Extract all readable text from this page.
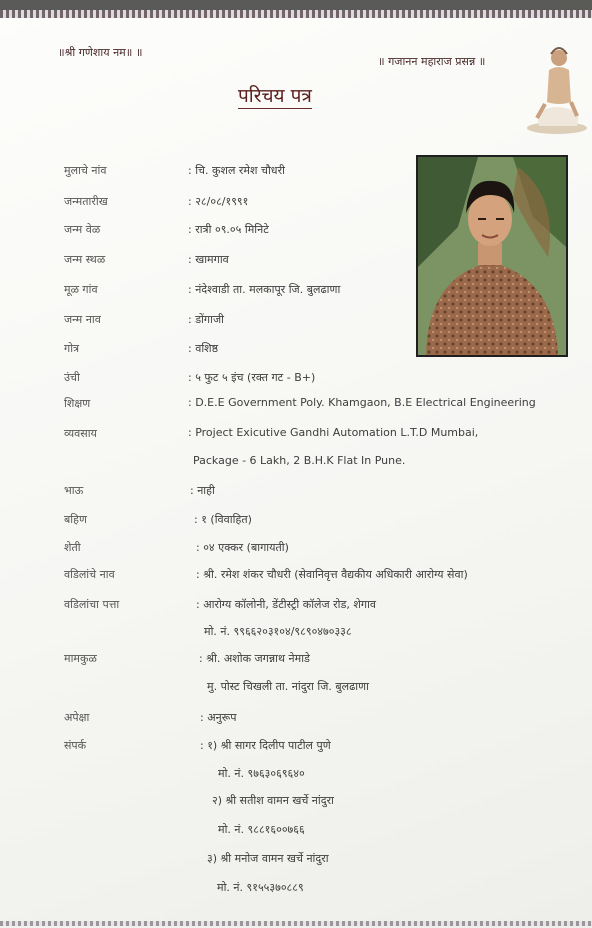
॥श्री गणेशाय नम॥ ॥
॥ गजानन महाराज प्रसन्न ॥
परिचय पत्र
मुलाचे नांव	: चि. कुशल रमेश चौधरी
जन्मतारीख	: २८/०८/१९९१
जन्म वेळ	: रात्री ०९.०५ मिनिटे
जन्म स्थळ	: खामगाव
मूळ गांव	: नंदेश्वाडी ता. मलकापूर जि. बुलढाणा
जन्म नाव	: डोंगाजी
गोत्र	: वशिष्ठ
उंची	: ५ फुट ५ इंच (रक्त गट - B+)
शिक्षण	: D.E.E Government Poly. Khamgaon, B.E Electrical Engineering
व्यवसाय	: Project Exicutive Gandhi Automation L.T.D Mumbai,
Package - 6 Lakh, 2 B.H.K Flat In Pune.
भाऊ	: नाही
बहिण	: १ (विवाहित)
शेती	: ०४ एक्कर (बागायती)
वडिलांचे नाव	: श्री. रमेश शंकर चौधरी (सेवानिवृत्त वैद्यकीय अधिकारी आरोग्य सेवा)
वडिलांचा पत्ता	: आरोग्य कॉलोनी, डेंटीस्ट्री कॉलेज रोड, शेगाव
मो. नं. ९९६६२०३१०४/९८९०४७०३३८
मामकुळ	: श्री. अशोक जगन्नाथ नेमाडे
मु. पोस्ट चिखली ता. नांदुरा जि. बुलढाणा
अपेक्षा	: अनुरूप
संपर्क	: १) श्री सागर दिलीप पाटील पुणे
मो. नं. ९७६३०६९६४०
२) श्री सतीश वामन खर्चे नांदुरा
मो. नं. ९८८१६००७६६
३) श्री मनोज वामन खर्चे नांदुरा
मो. नं. ९१५५३७०८८९
